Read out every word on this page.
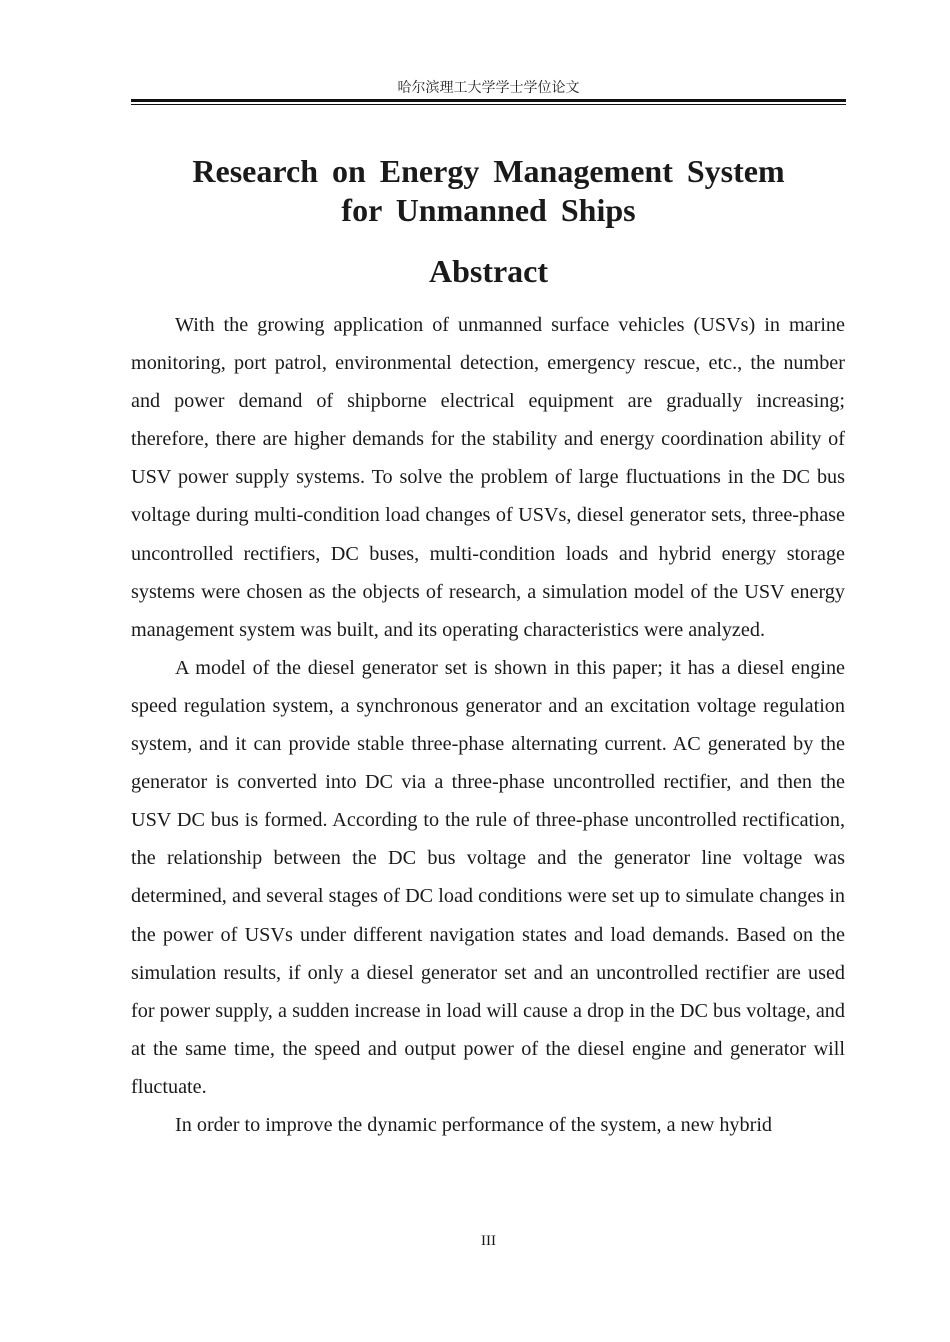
哈尔滨理工大学学士学位论文
Research on Energy Management System
for Unmanned Ships
Abstract

With the growing application of unmanned surface vehicles (USVs) in marine monitoring, port patrol, environmental detection, emergency rescue, etc., the number and power demand of shipborne electrical equipment are gradually increasing; therefore, there are higher demands for the stability and energy coordination ability of USV power supply systems. To solve the problem of large fluctuations in the DC bus voltage during multi-condition load changes of USVs, diesel generator sets, three-phase uncontrolled rectifiers, DC buses, multi-condition loads and hybrid energy storage systems were chosen as the objects of research, a simulation model of the USV energy management system was built, and its operating characteristics were analyzed.

A model of the diesel generator set is shown in this paper; it has a diesel engine speed regulation system, a synchronous generator and an excitation voltage regulation system, and it can provide stable three-phase alternating current. AC generated by the generator is converted into DC via a three-phase uncontrolled rectifier, and then the USV DC bus is formed. According to the rule of three-phase uncontrolled rectification, the relationship between the DC bus voltage and the generator line voltage was determined, and several stages of DC load conditions were set up to simulate changes in the power of USVs under different navigation states and load demands. Based on the simulation results, if only a diesel generator set and an uncontrolled rectifier are used for power supply, a sudden increase in load will cause a drop in the DC bus voltage, and at the same time, the speed and output power of the diesel engine and generator will fluctuate.

In order to improve the dynamic performance of the system, a new hybrid

III
